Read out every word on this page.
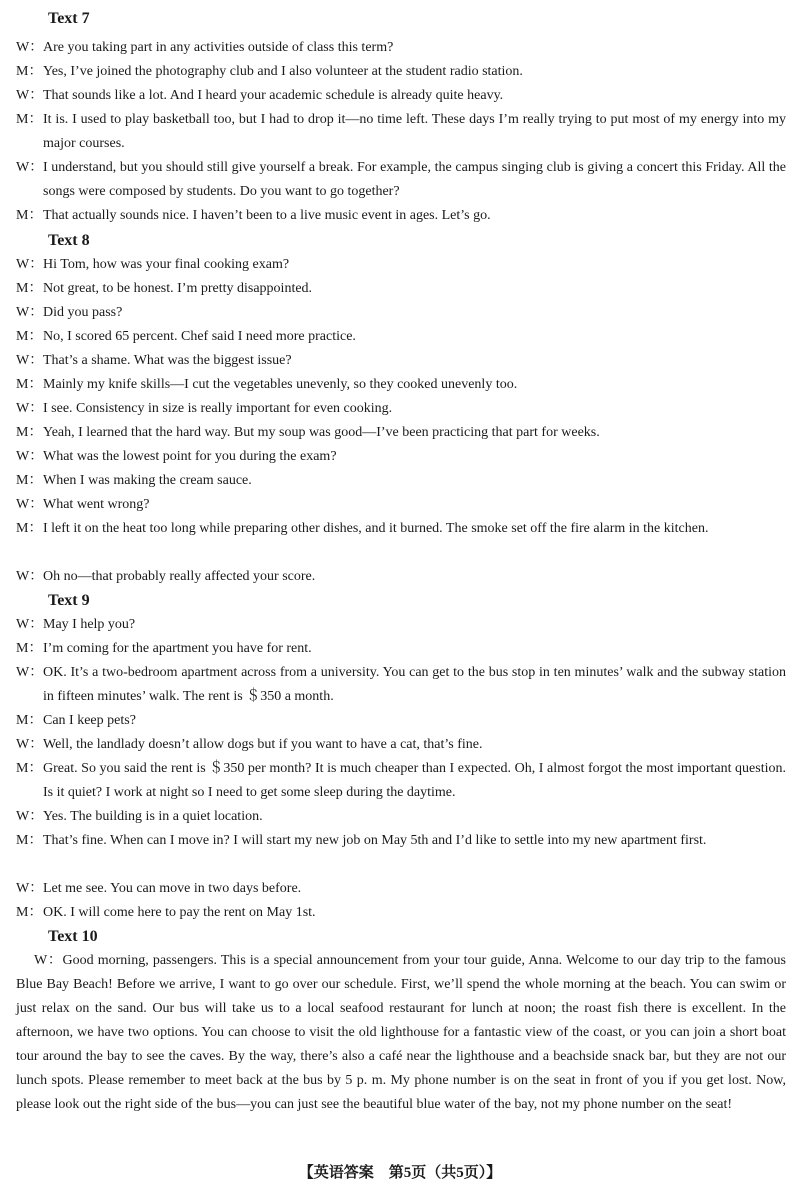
Text 7
W：Are you taking part in any activities outside of class this term?
M：Yes, I’ve joined the photography club and I also volunteer at the student radio station.
W：That sounds like a lot. And I heard your academic schedule is already quite heavy.
M：It is. I used to play basketball too, but I had to drop it—no time left. These days I’m really trying to put most of my energy into my major courses.
W：I understand, but you should still give yourself a break. For example, the campus singing club is giving a concert this Friday. All the songs were composed by students. Do you want to go together?
M：That actually sounds nice. I haven’t been to a live music event in ages. Let’s go.
Text 8
W：Hi Tom, how was your final cooking exam?
M：Not great, to be honest. I’m pretty disappointed.
W：Did you pass?
M：No, I scored 65 percent. Chef said I need more practice.
W：That’s a shame. What was the biggest issue?
M：Mainly my knife skills—I cut the vegetables unevenly, so they cooked unevenly too.
W：I see. Consistency in size is really important for even cooking.
M：Yeah, I learned that the hard way. But my soup was good—I’ve been practicing that part for weeks.
W：What was the lowest point for you during the exam?
M：When I was making the cream sauce.
W：What went wrong?
M：I left it on the heat too long while preparing other dishes, and it burned. The smoke set off the fire alarm in the kitchen.
W：Oh no—that probably really affected your score.
Text 9
W：May I help you?
M：I’m coming for the apartment you have for rent.
W：OK. It’s a two-bedroom apartment across from a university. You can get to the bus stop in ten minutes’ walk and the subway station in fifteen minutes’ walk. The rent is ＄350 a month.
M：Can I keep pets?
W：Well, the landlady doesn’t allow dogs but if you want to have a cat, that’s fine.
M：Great. So you said the rent is ＄350 per month? It is much cheaper than I expected. Oh, I almost forgot the most important question. Is it quiet? I work at night so I need to get some sleep during the daytime.
W：Yes. The building is in a quiet location.
M：That’s fine. When can I move in? I will start my new job on May 5th and I’d like to settle into my new apartment first.
W：Let me see. You can move in two days before.
M：OK. I will come here to pay the rent on May 1st.
Text 10
W：Good morning, passengers. This is a special announcement from your tour guide, Anna. Welcome to our day trip to the famous Blue Bay Beach! Before we arrive, I want to go over our schedule. First, we’ll spend the whole morning at the beach. You can swim or just relax on the sand. Our bus will take us to a local seafood restaurant for lunch at noon; the roast fish there is excellent. In the afternoon, we have two options. You can choose to visit the old lighthouse for a fantastic view of the coast, or you can join a short boat tour around the bay to see the caves. By the way, there’s also a café near the lighthouse and a beachside snack bar, but they are not our lunch spots. Please remember to meet back at the bus by 5 p. m. My phone number is on the seat in front of you if you get lost. Now, please look out the right side of the bus—you can just see the beautiful blue water of the bay, not my phone number on the seat!
【英语答案　第5页（共5页）】
